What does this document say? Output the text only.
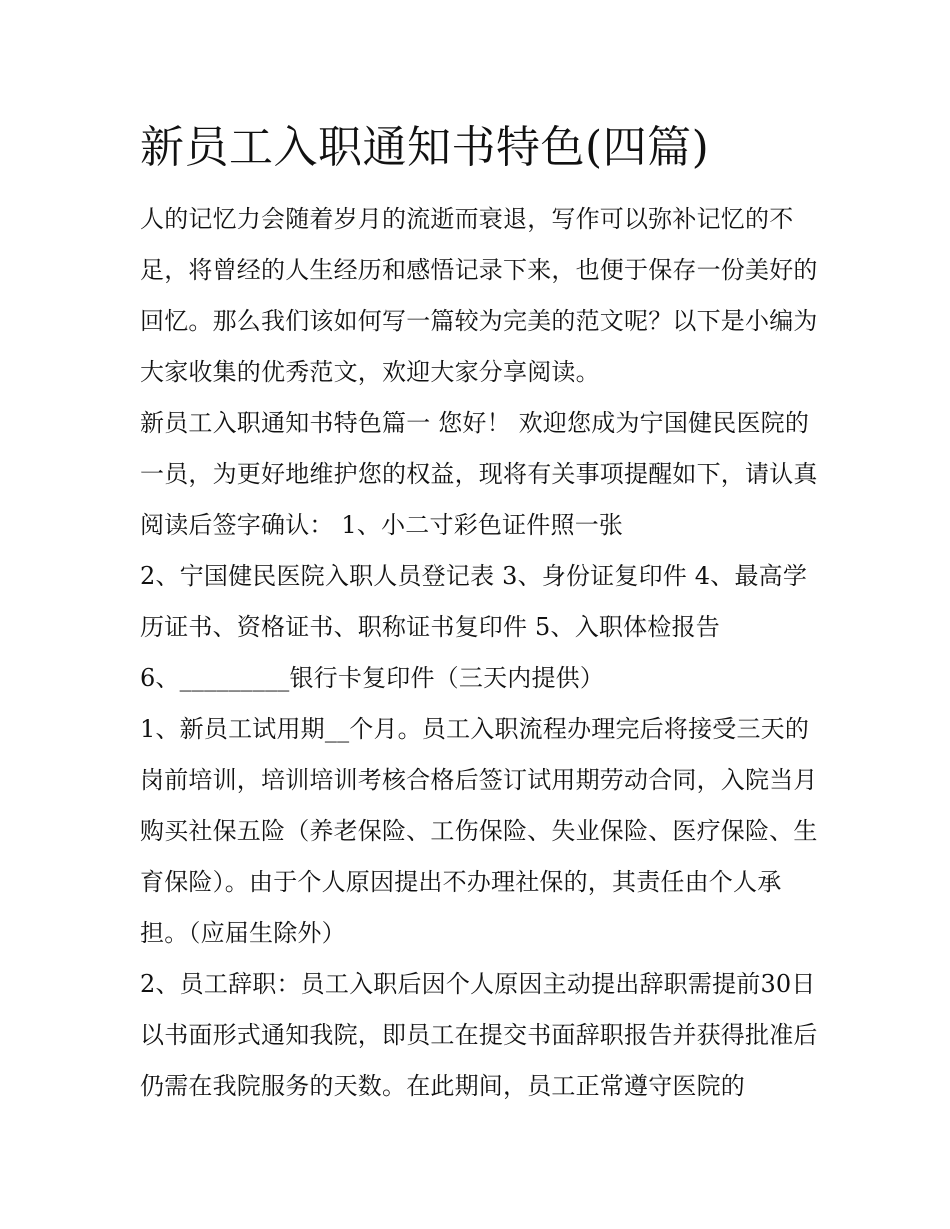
新员工入职通知书特色(四篇)

人的记忆力会随着岁月的流逝而衰退，写作可以弥补记忆的不足，将曾经的人生经历和感悟记录下来，也便于保存一份美好的回忆。那么我们该如何写一篇较为完美的范文呢？以下是小编为大家收集的优秀范文，欢迎大家分享阅读。

新员工入职通知书特色篇一 您好！ 欢迎您成为宁国健民医院的一员，为更好地维护您的权益，现将有关事项提醒如下，请认真阅读后签字确认： 1、小二寸彩色证件照一张

2、宁国健民医院入职人员登记表 3、身份证复印件 4、最高学历证书、资格证书、职称证书复印件 5、入职体检报告

6、_________银行卡复印件（三天内提供）

1、新员工试用期__个月。员工入职流程办理完后将接受三天的岗前培训，培训培训考核合格后签订试用期劳动合同，入院当月购买社保五险（养老保险、工伤保险、失业保险、医疗保险、生育保险）。由于个人原因提出不办理社保的，其责任由个人承担。（应届生除外）

2、员工辞职：员工入职后因个人原因主动提出辞职需提前30日以书面形式通知我院，即员工在提交书面辞职报告并获得批准后仍需在我院服务的天数。在此期间，员工正常遵守医院的
